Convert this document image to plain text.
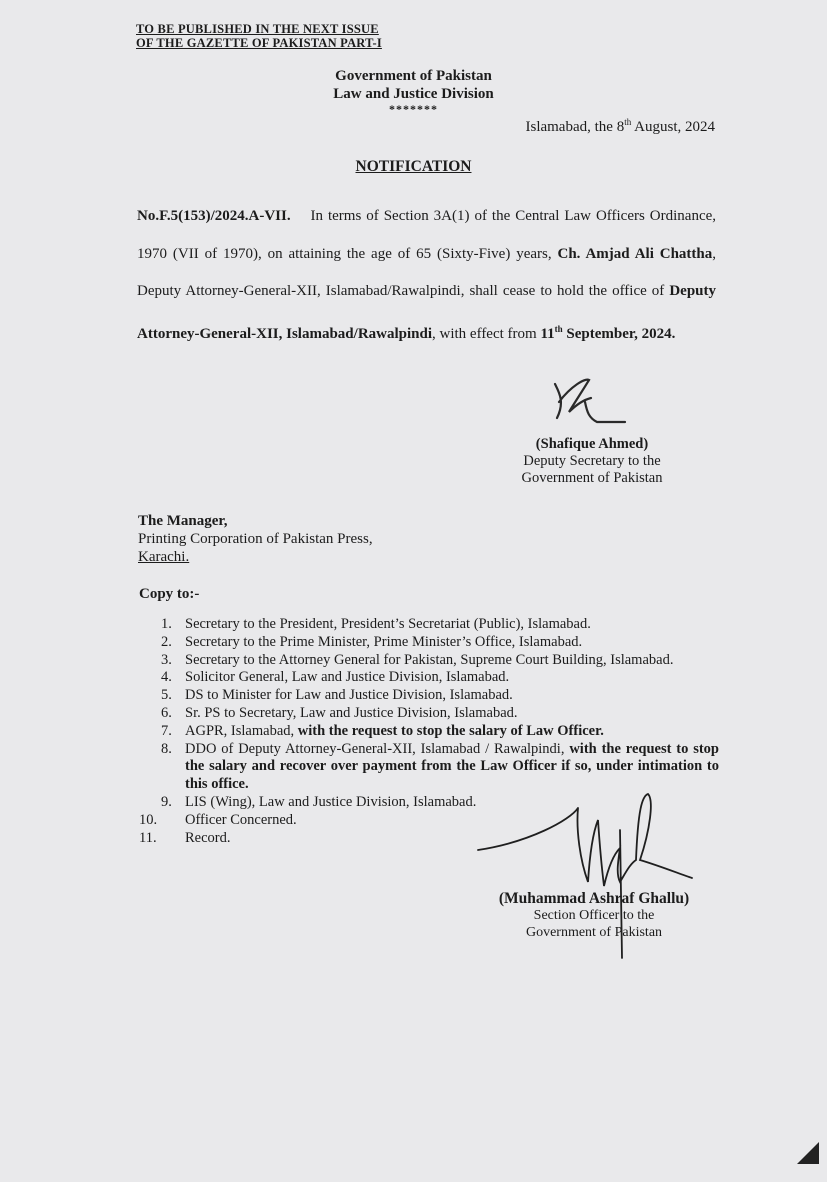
TO BE PUBLISHED IN THE NEXT ISSUE
OF THE GAZETTE OF PAKISTAN PART-I
Government of Pakistan
Law and Justice Division
*******
Islamabad, the 8th August, 2024
NOTIFICATION
No.F.5(153)/2024.A-VII. In terms of Section 3A(1) of the Central Law Officers Ordinance, 1970 (VII of 1970), on attaining the age of 65 (Sixty-Five) years, Ch. Amjad Ali Chattha, Deputy Attorney-General-XII, Islamabad/Rawalpindi, shall cease to hold the office of Deputy Attorney-General-XII, Islamabad/Rawalpindi, with effect from 11th September, 2024.
(Shafique Ahmed)
Deputy Secretary to the
Government of Pakistan
The Manager,
Printing Corporation of Pakistan Press,
Karachi.
Copy to:-
1. Secretary to the President, President’s Secretariat (Public), Islamabad.
2. Secretary to the Prime Minister, Prime Minister’s Office, Islamabad.
3. Secretary to the Attorney General for Pakistan, Supreme Court Building, Islamabad.
4. Solicitor General, Law and Justice Division, Islamabad.
5. DS to Minister for Law and Justice Division, Islamabad.
6. Sr. PS to Secretary, Law and Justice Division, Islamabad.
7. AGPR, Islamabad, with the request to stop the salary of Law Officer.
8. DDO of Deputy Attorney-General-XII, Islamabad / Rawalpindi, with the request to stop the salary and recover over payment from the Law Officer if so, under intimation to this office.
9. LIS (Wing), Law and Justice Division, Islamabad.
10.	Officer Concerned.
11.	Record.
(Muhammad Ashraf Ghallu)
Section Officer to the
Government of Pakistan
